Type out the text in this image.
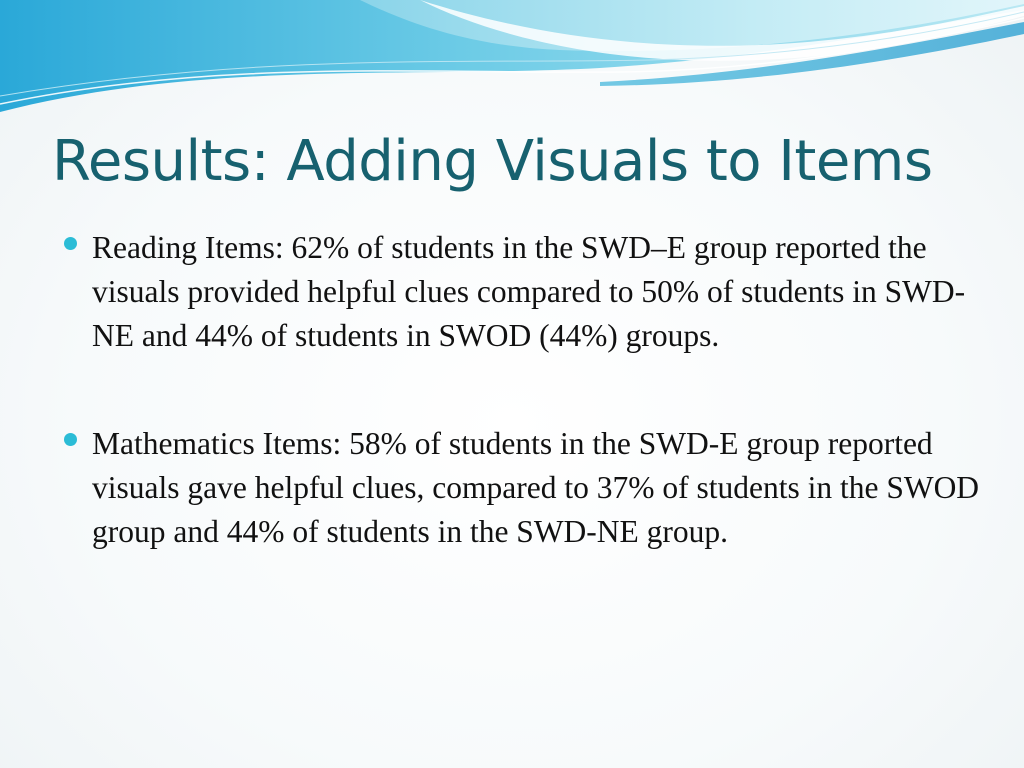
Results: Adding Visuals to Items
Reading Items: 62% of students in the SWD–E group reported the visuals provided helpful clues compared to 50% of students in SWD-NE and 44% of students in SWOD (44%) groups.
Mathematics Items: 58% of students in the SWD-E group reported visuals gave helpful clues, compared to 37% of students in the SWOD group and 44% of students in the SWD-NE group.
